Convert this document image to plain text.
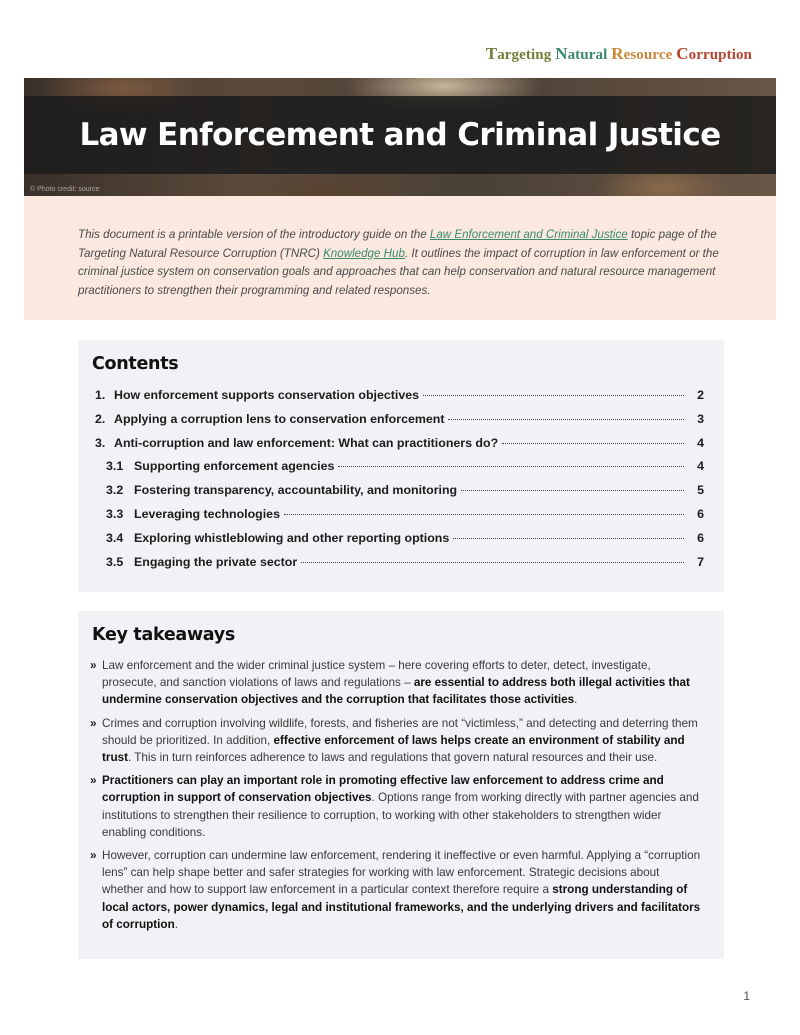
Targeting Natural Resource Corruption
Law Enforcement and Criminal Justice
© Photo credit: source

This document is a printable version of the introductory guide on the Law Enforcement and Criminal Justice topic page of the Targeting Natural Resource Corruption (TNRC) Knowledge Hub. It outlines the impact of corruption in law enforcement or the criminal justice system on conservation goals and approaches that can help conservation and natural resource management practitioners to strengthen their programming and related responses.

Contents
1. How enforcement supports conservation objectives	2
2. Applying a corruption lens to conservation enforcement	3
3. Anti-corruption and law enforcement: What can practitioners do?	4
3.1 Supporting enforcement agencies	4
3.2 Fostering transparency, accountability, and monitoring	5
3.3 Leveraging technologies	6
3.4 Exploring whistleblowing and other reporting options	6
3.5 Engaging the private sector	7
Key takeaways
» Law enforcement and the wider criminal justice system – here covering efforts to deter, detect, investigate, prosecute, and sanction violations of laws and regulations – are essential to address both illegal activities that undermine conservation objectives and the corruption that facilitates those activities.
» Crimes and corruption involving wildlife, forests, and fisheries are not “victimless,” and detecting and deterring them should be prioritized. In addition, effective enforcement of laws helps create an environment of stability and trust. This in turn reinforces adherence to laws and regulations that govern natural resources and their use.
» Practitioners can play an important role in promoting effective law enforcement to address crime and corruption in support of conservation objectives. Options range from working directly with partner agencies and institutions to strengthen their resilience to corruption, to working with other stakeholders to strengthen wider enabling conditions.
» However, corruption can undermine law enforcement, rendering it ineffective or even harmful. Applying a “corruption lens” can help shape better and safer strategies for working with law enforcement. Strategic decisions about whether and how to support law enforcement in a particular context therefore require a strong understanding of local actors, power dynamics, legal and institutional frameworks, and the underlying drivers and facilitators of corruption.
1
